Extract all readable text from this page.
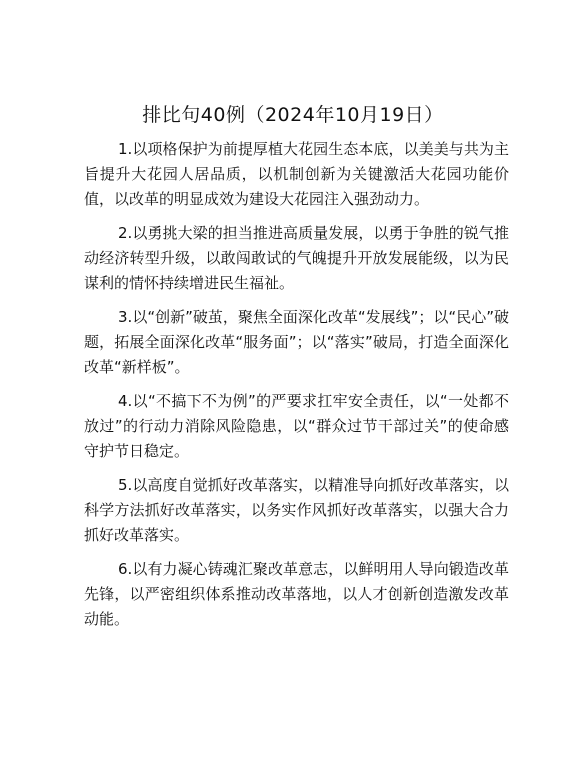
排比句40例（2024年10月19日）

1.以项格保护为前提厚植大花园生态本底，以美美与共为主旨提升大花园人居品质，以机制创新为关键激活大花园功能价值，以改革的明显成效为建设大花园注入强劲动力。

2.以勇挑大梁的担当推进高质量发展，以勇于争胜的锐气推动经济转型升级，以敢闯敢试的气魄提升开放发展能级，以为民谋利的情怀持续增进民生福祉。

3.以“创新”破茧，聚焦全面深化改革“发展线”；以“民心”破题，拓展全面深化改革“服务面”；以“落实”破局，打造全面深化改革“新样板”。

4.以“不搞下不为例”的严要求扛牢安全责任，以“一处都不放过”的行动力消除风险隐患，以“群众过节干部过关”的使命感守护节日稳定。

5.以高度自觉抓好改革落实，以精准导向抓好改革落实，以科学方法抓好改革落实，以务实作风抓好改革落实，以强大合力抓好改革落实。

6.以有力凝心铸魂汇聚改革意志，以鲜明用人导向锻造改革先锋，以严密组织体系推动改革落地，以人才创新创造激发改革动能。
